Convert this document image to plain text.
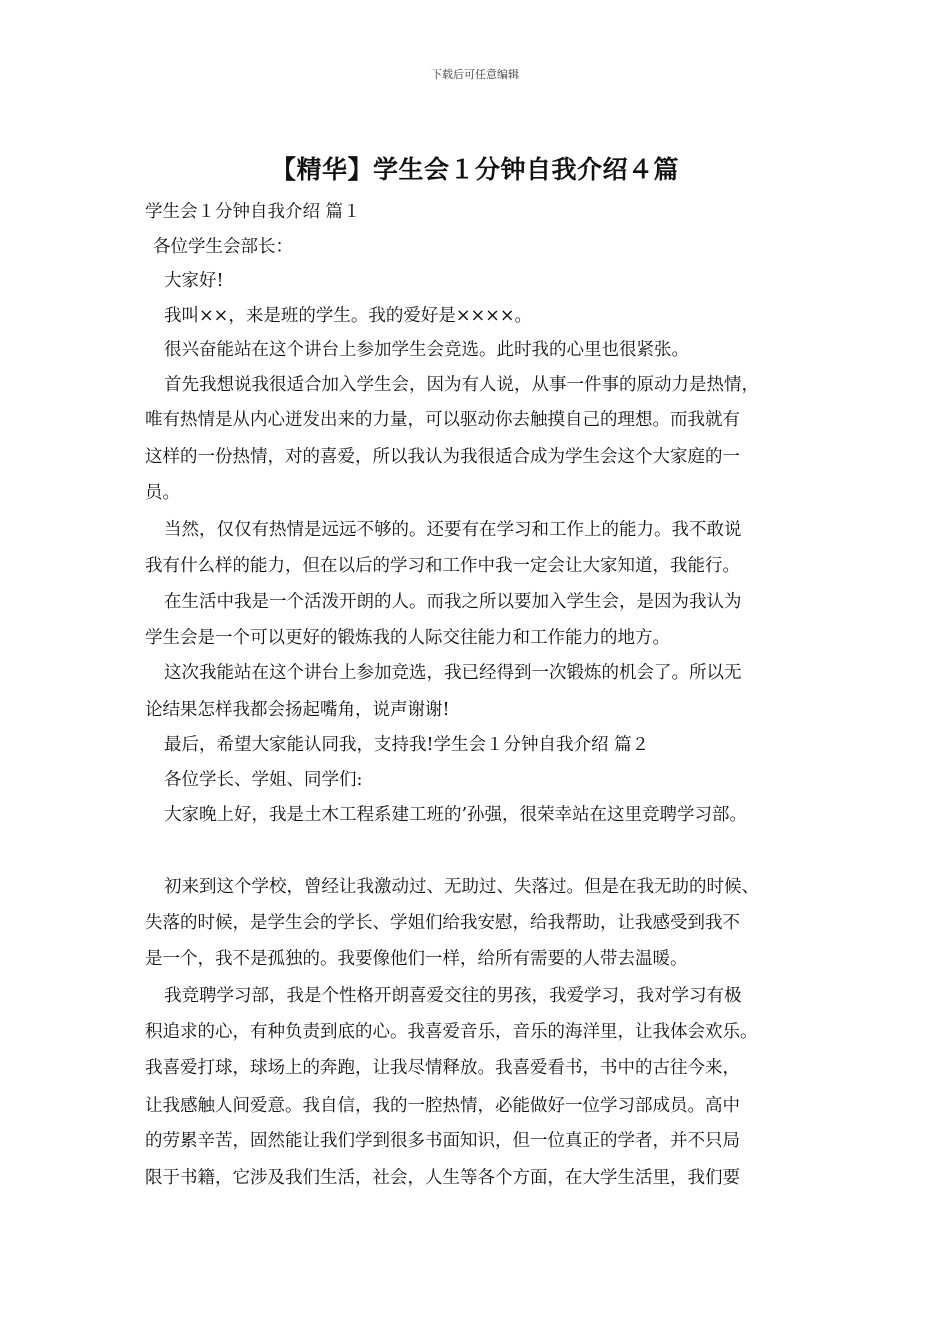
下载后可任意编辑
【精华】学生会１分钟自我介绍４篇
学生会１分钟自我介绍 篇１
各位学生会部长：
大家好!
我叫××，来是班的学生。我的爱好是××××。
很兴奋能站在这个讲台上参加学生会竞选。此时我的心里也很紧张。
首先我想说我很适合加入学生会，因为有人说，从事一件事的原动力是热情，
唯有热情是从内心迸发出来的力量，可以驱动你去触摸自己的理想。而我就有
这样的一份热情，对的喜爱，所以我认为我很适合成为学生会这个大家庭的一
员。
当然，仅仅有热情是远远不够的。还要有在学习和工作上的能力。我不敢说
我有什么样的能力，但在以后的学习和工作中我一定会让大家知道，我能行。
在生活中我是一个活泼开朗的人。而我之所以要加入学生会，是因为我认为
学生会是一个可以更好的锻炼我的人际交往能力和工作能力的地方。
这次我能站在这个讲台上参加竞选，我已经得到一次锻炼的机会了。所以无
论结果怎样我都会扬起嘴角，说声谢谢!
最后，希望大家能认同我，支持我!学生会１分钟自我介绍 篇２
各位学长、学姐、同学们:
大家晚上好，我是土木工程系建工班的’孙强，很荣幸站在这里竞聘学习部。
初来到这个学校，曾经让我激动过、无助过、失落过。但是在我无助的时候、
失落的时候，是学生会的学长、学姐们给我安慰，给我帮助，让我感受到我不
是一个，我不是孤独的。我要像他们一样，给所有需要的人带去温暖。
我竞聘学习部，我是个性格开朗喜爱交往的男孩，我爱学习，我对学习有极
积追求的心，有种负责到底的心。我喜爱音乐，音乐的海洋里，让我体会欢乐。
我喜爱打球，球场上的奔跑，让我尽情释放。我喜爱看书，书中的古往今来，
让我感触人间爱意。我自信，我的一腔热情，必能做好一位学习部成员。高中
的劳累辛苦，固然能让我们学到很多书面知识，但一位真正的学者，并不只局
限于书籍，它涉及我们生活，社会，人生等各个方面，在大学生活里，我们要
